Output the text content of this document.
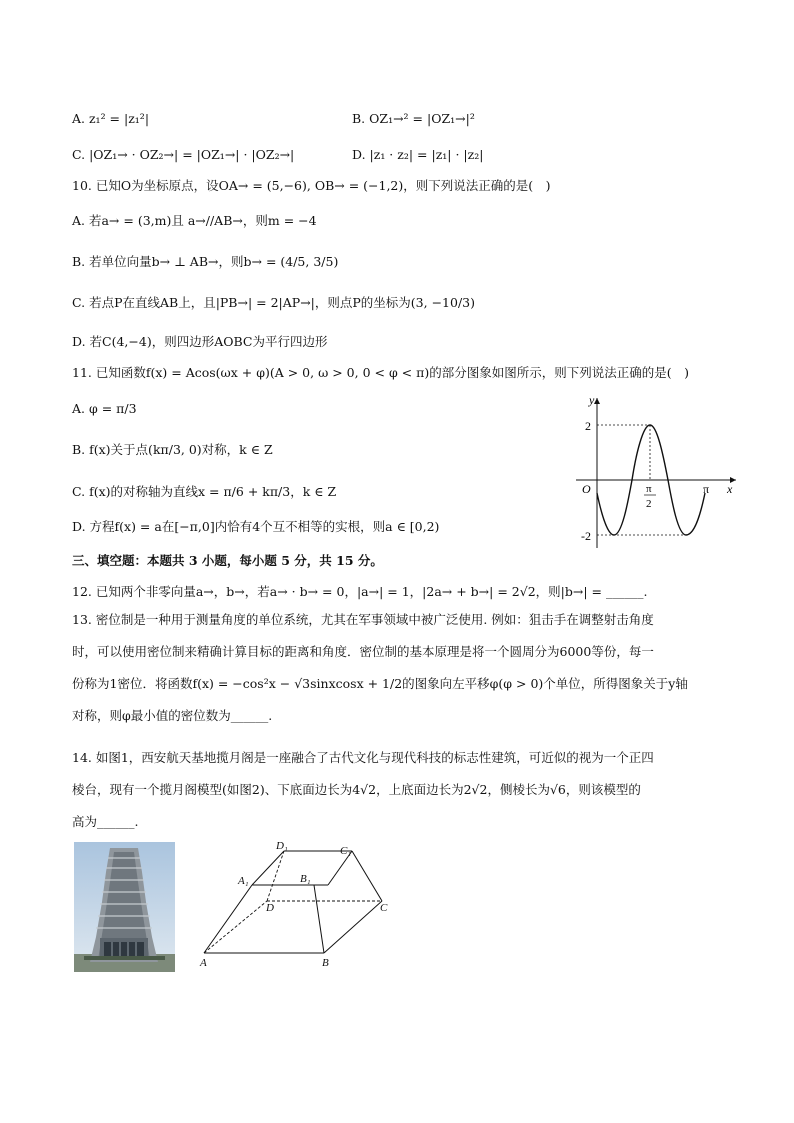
A. z₁² = |z₁²|	B. OZ₁→² = |OZ₁→|²
C. |OZ₁→ · OZ₂→| = |OZ₁→| · |OZ₂→|	D. |z₁ · z₂| = |z₁| · |z₂|
10. 已知O为坐标原点，设OA→ = (5,−6), OB→ = (−1,2)，则下列说法正确的是(　)
A. 若a→ = (3,m)且 a→//AB→，则m = −4
B. 若单位向量b→ ⊥ AB→，则b→ = (4/5, 3/5)
C. 若点P在直线AB上，且|PB→| = 2|AP→|，则点P的坐标为(3, −10/3)
D. 若C(4,−4)，则四边形AOBC为平行四边形
11. 已知函数f(x) = Acos(ωx + φ)(A > 0, ω > 0, 0 < φ < π)的部分图象如图所示，则下列说法正确的是(　)
A. φ = π/3
B. f(x)关于点(kπ/3, 0)对称，k ∈ Z
C. f(x)的对称轴为直线x = π/6 + kπ/3，k ∈ Z
D. 方程f(x) = a在[−π,0]内恰有4个互不相等的实根，则a ∈ [0,2)
y
x
O
2
-2
π
2
π
三、填空题：本题共 3 小题，每小题 5 分，共 15 分。
12. 已知两个非零向量a→，b→，若a→ · b→ = 0，|a→| = 1，|2a→ + b→| = 2√2，则|b→| = ______.
13. 密位制是一种用于测量角度的单位系统，尤其在军事领域中被广泛使用. 例如：狙击手在调整射击角度
时，可以使用密位制来精确计算目标的距离和角度．密位制的基本原理是将一个圆周分为6000等份，每一
份称为1密位．将函数f(x) = −cos²x − √3sinxcosx + 1/2的图象向左平移φ(φ > 0)个单位，所得图象关于y轴
对称，则φ最小值的密位数为______.
14. 如图1，西安航天基地揽月阁是一座融合了古代文化与现代科技的标志性建筑，可近似的视为一个正四
棱台，现有一个揽月阁模型(如图2)、下底面边长为4√2，上底面边长为2√2，侧棱长为√6，则该模型的
高为______.
D₁	C₁
A₁	B₁
D	C
A	B
